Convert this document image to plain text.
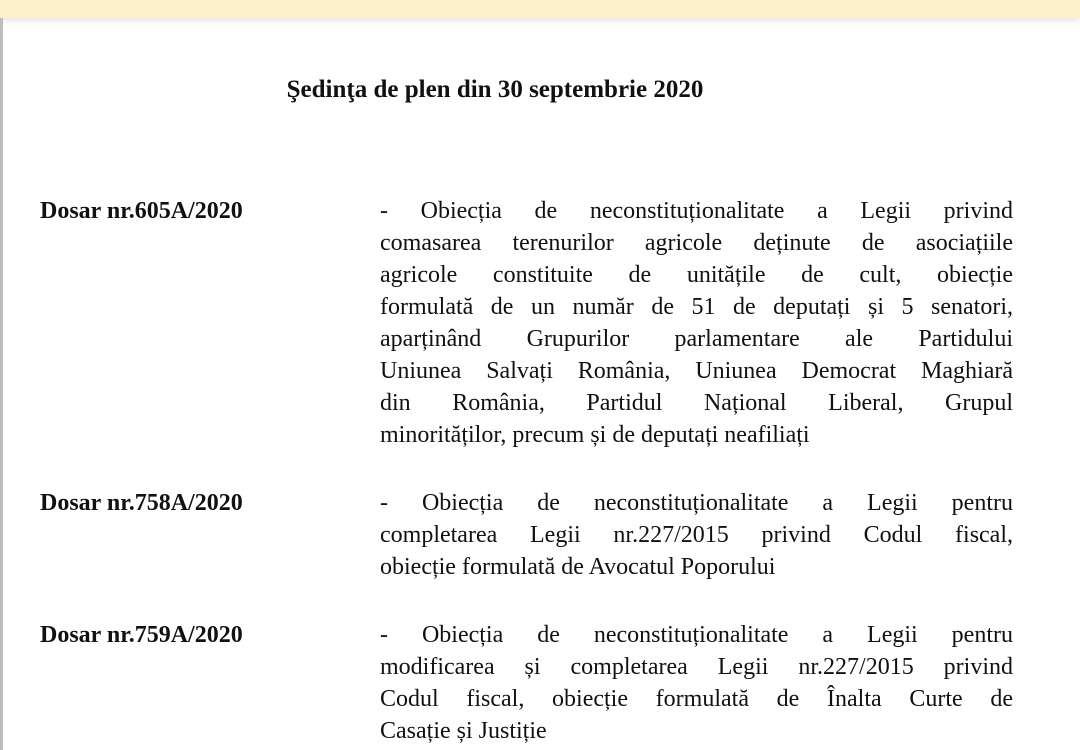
Şedinţa de plen din 30 septembrie 2020
Dosar nr.605A/2020	- Obiecția de neconstituționalitate a Legii privind
comasarea terenurilor agricole deținute de asociațiile
agricole constituite de unitățile de cult, obiecție
formulată de un număr de 51 de deputați și 5 senatori,
aparținând Grupurilor parlamentare ale Partidului
Uniunea Salvați România, Uniunea Democrat Maghiară
din România, Partidul Național Liberal, Grupul
minorităților, precum și de deputați neafiliați
Dosar nr.758A/2020	- Obiecția de neconstituționalitate a Legii pentru
completarea Legii nr.227/2015 privind Codul fiscal,
obiecție formulată de Avocatul Poporului
Dosar nr.759A/2020	- Obiecția de neconstituționalitate a Legii pentru
modificarea și completarea Legii nr.227/2015 privind
Codul fiscal, obiecție formulată de Înalta Curte de
Casație și Justiție
